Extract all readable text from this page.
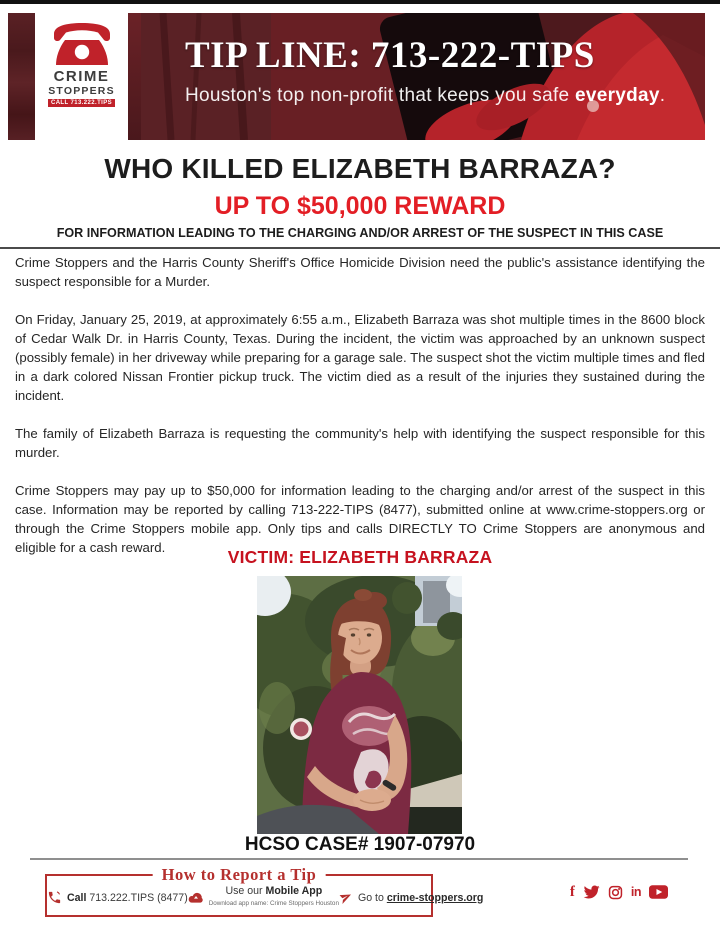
CRIME
STOPPERS
CALL 713.222.TIPS
TIP LINE: 713-222-TIPS
Houston's top non-profit that keeps you safe everyday.
WHO KILLED ELIZABETH BARRAZA?
UP TO $50,000 REWARD
FOR INFORMATION LEADING TO THE CHARGING AND/OR ARREST OF THE SUSPECT IN THIS CASE

Crime Stoppers and the Harris County Sheriff's Office Homicide Division need the public's assistance identifying the suspect responsible for a Murder.

On Friday, January 25, 2019, at approximately 6:55 a.m., Elizabeth Barraza was shot multiple times in the 8600 block of Cedar Walk Dr. in Harris County, Texas. During the incident, the victim was approached by an unknown suspect (possibly female) in her driveway while preparing for a garage sale. The suspect shot the victim multiple times and fled in a dark colored Nissan Frontier pickup truck. The victim died as a result of the injuries they sustained during the incident.

The family of Elizabeth Barraza is requesting the community's help with identifying the suspect responsible for this murder.

Crime Stoppers may pay up to $50,000 for information leading to the charging and/or arrest of the suspect in this case. Information may be reported by calling 713-222-TIPS (8477), submitted online at www.crime-stoppers.org or through the Crime Stoppers mobile app. Only tips and calls DIRECTLY TO Crime Stoppers are anonymous and eligible for a cash reward.	VICTIM: ELIZABETH BARRAZA
HCSO CASE# 1907-07970
How to Report a Tip
Call 713.222.TIPS (8477)
Use our Mobile App
Download app name: Crime Stoppers Houston Go to crime-stoppers.org	f	in
